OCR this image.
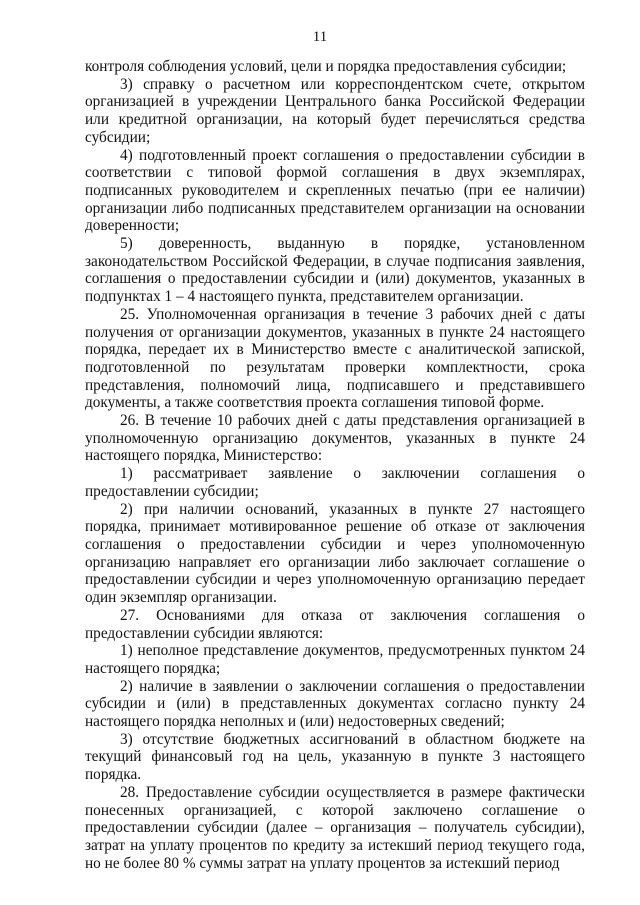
11

контроля соблюдения условий, цели и порядка предоставления субсидии;

3) справку о расчетном или корреспондентском счете, открытом организацией в учреждении Центрального банка Российской Федерации или кредитной организации, на который будет перечисляться средства субсидии;

4) подготовленный проект соглашения о предоставлении субсидии в соответствии с типовой формой соглашения в двух экземплярах, подписанных руководителем и скрепленных печатью (при ее наличии) организации либо подписанных представителем организации на основании доверенности;

5) доверенность, выданную в порядке, установленном законодательством Российской Федерации, в случае подписания заявления, соглашения о предоставлении субсидии и (или) документов, указанных в подпунктах 1 – 4 настоящего пункта, представителем организации.

25. Уполномоченная организация в течение 3 рабочих дней с даты получения от организации документов, указанных в пункте 24 настоящего порядка, передает их в Министерство вместе с аналитической запиской, подготовленной по результатам проверки комплектности, срока представления, полномочий лица, подписавшего и представившего документы, а также соответствия проекта соглашения типовой форме.

26. В течение 10 рабочих дней с даты представления организацией в уполномоченную организацию документов, указанных в пункте 24 настоящего порядка, Министерство:

1) рассматривает заявление о заключении соглашения о предоставлении субсидии;

2) при наличии оснований, указанных в пункте 27 настоящего порядка, принимает мотивированное решение об отказе от заключения соглашения о предоставлении субсидии и через уполномоченную организацию направляет его организации либо заключает соглашение о предоставлении субсидии и через уполномоченную организацию передает один экземпляр организации.

27. Основаниями для отказа от заключения соглашения о предоставлении субсидии являются:

1) неполное представление документов, предусмотренных пунктом 24 настоящего порядка;

2) наличие в заявлении о заключении соглашения о предоставлении субсидии и (или) в представленных документах согласно пункту 24 настоящего порядка неполных и (или) недостоверных сведений;

3) отсутствие бюджетных ассигнований в областном бюджете на текущий финансовый год на цель, указанную в пункте 3 настоящего порядка.

28. Предоставление субсидии осуществляется в размере фактически понесенных организацией, с которой заключено соглашение о предоставлении субсидии (далее – организация – получатель субсидии), затрат на уплату процентов по кредиту за истекший период текущего года, но не более 80 % суммы затрат на уплату процентов за истекший период
